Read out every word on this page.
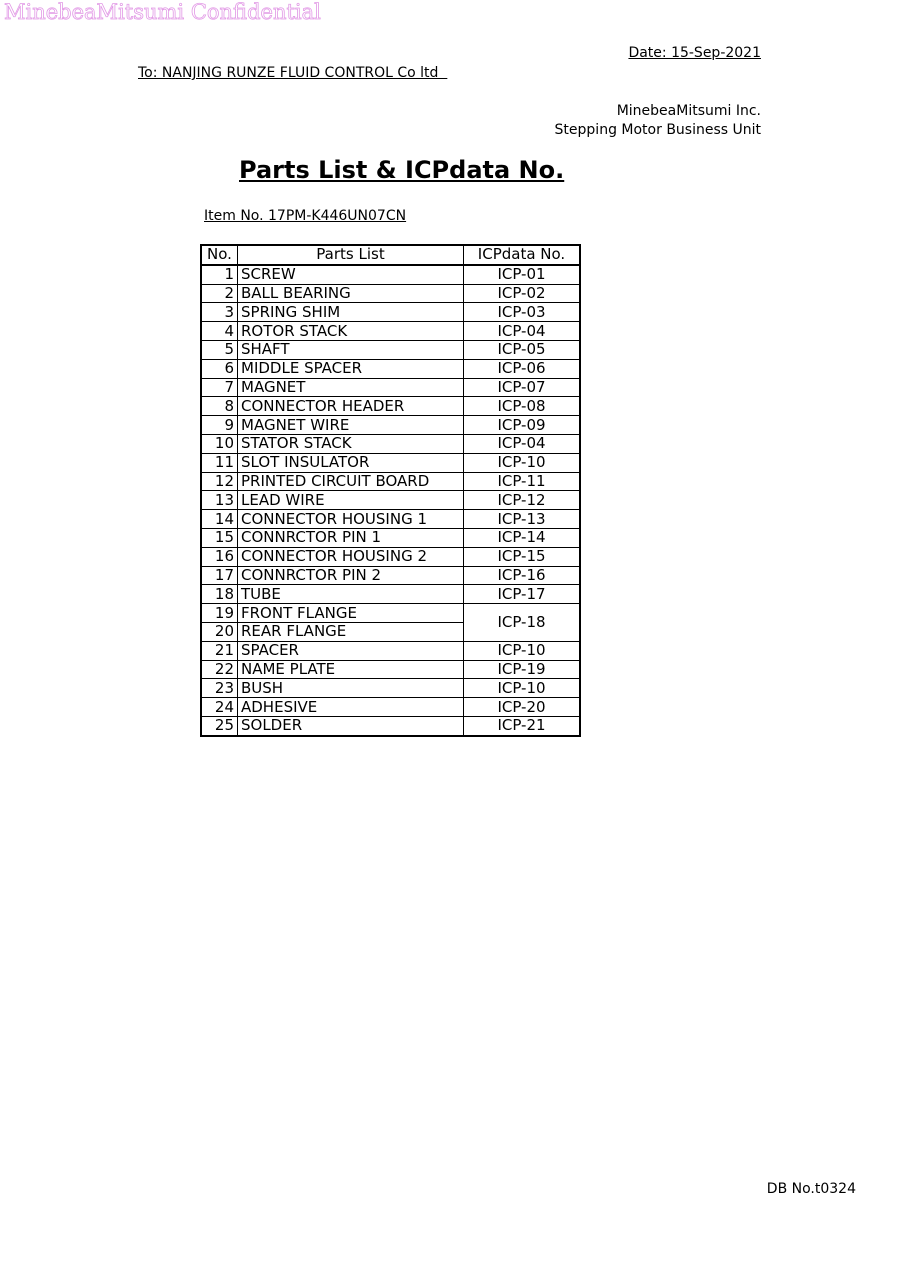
MinebeaMitsumi Confidential
Date: 15-Sep-2021
To: NANJING RUNZE FLUID CONTROL Co ltd
MinebeaMitsumi Inc.
Stepping Motor Business Unit
Parts List & ICPdata No.
Item No. 17PM-K446UN07CN
No.	Parts List	ICPdata No.
1	SCREW	ICP-01
2	BALL BEARING	ICP-02
3	SPRING SHIM	ICP-03
4	ROTOR STACK	ICP-04
5	SHAFT	ICP-05
6	MIDDLE SPACER	ICP-06
7	MAGNET	ICP-07
8	CONNECTOR HEADER	ICP-08
9	MAGNET WIRE	ICP-09
10	STATOR STACK	ICP-04
11	SLOT INSULATOR	ICP-10
12	PRINTED CIRCUIT BOARD	ICP-11
13	LEAD WIRE	ICP-12
14	CONNECTOR HOUSING 1	ICP-13
15	CONNRCTOR PIN 1	ICP-14
16	CONNECTOR HOUSING 2	ICP-15
17	CONNRCTOR PIN 2	ICP-16
18	TUBE	ICP-17
19	FRONT FLANGE	ICP-18
20	REAR FLANGE	
21	SPACER	ICP-10
22	NAME PLATE	ICP-19
23	BUSH	ICP-10
24	ADHESIVE	ICP-20
25	SOLDER	ICP-21
DB No.t0324
